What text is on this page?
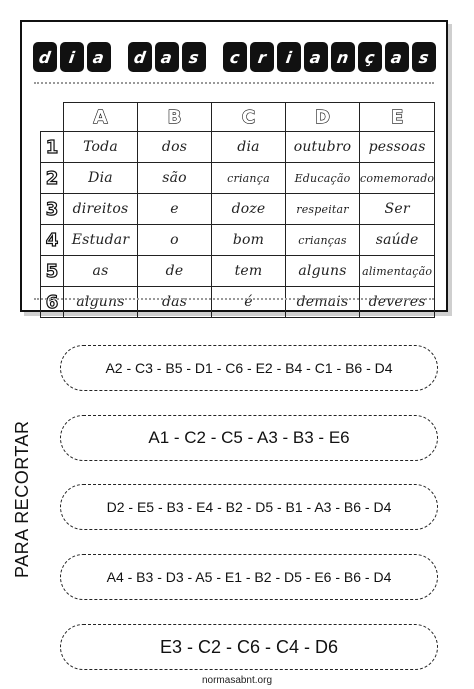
d i a d a s c r i a n ç a s
	A	B	C	D	E
1	Toda	dos	dia	outubro	pessoas
2	Dia	são	criança	Educação	comemorado
3	direitos	e	doze	respeitar	Ser
4	Estudar	o	bom	crianças	saúde
5	as	de	tem	alguns	alimentação
6	alguns	das	é	demais	deveres
PARA RECORTAR
A2 - C3 - B5 - D1 - C6 - E2 - B4 - C1 - B6 - D4
A1 - C2 - C5 - A3 - B3 - E6
D2 - E5 - B3 - E4 - B2 - D5 - B1 - A3 - B6 - D4
A4 - B3 - D3 - A5 - E1 - B2 - D5 - E6 - B6 - D4
E3 - C2 - C6 - C4 - D6
normasabnt.org
